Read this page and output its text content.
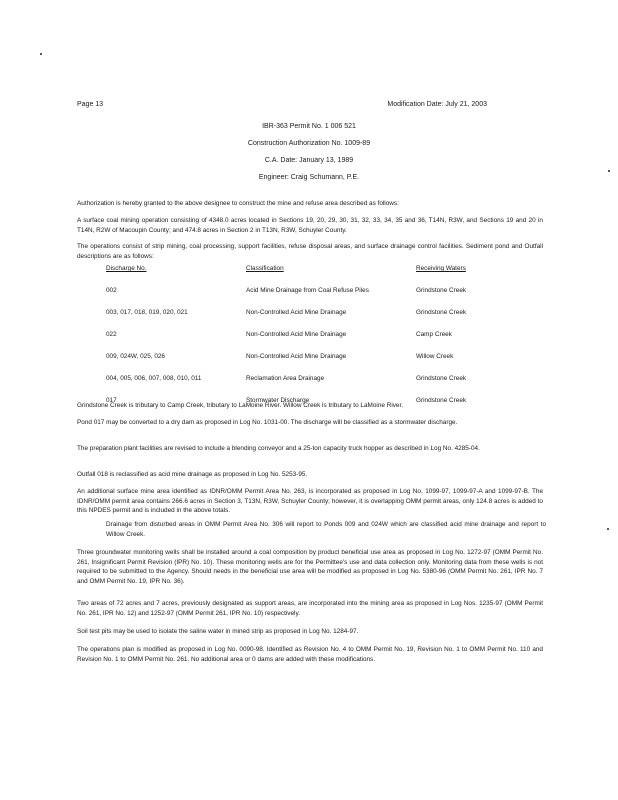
Page 13	Modification Date: July 21, 2003
IBR-363 Permit No. 1 006 521
Construction Authorization No. 1009-89
C.A. Date: January 13, 1989
Engineer: Craig Schumann, P.E.
Authorization is hereby granted to the above designee to construct the mine and refuse area described as follows:
A surface coal mining operation consisting of 4348.0 acres located in Sections 19, 20, 29, 30, 31, 32, 33, 34, 35 and 36, T14N, R3W, and Sections 19 and 20 in T14N, R2W of Macoupin County; and 474.8 acres in Section 2 in T13N, R3W, Schuyler County.
The operations consist of strip mining, coal processing, support facilities, refuse disposal areas, and surface drainage control facilities. Sediment pond and Outfall descriptions are as follows:
Discharge No.	Classification	Receiving Waters
002	Acid Mine Drainage from Coal Refuse Piles	Grindstone Creek
003, 017, 018, 019, 020, 021	Non-Controlled Acid Mine Drainage	Grindstone Creek
022	Non-Controlled Acid Mine Drainage	Camp Creek
009, 024W, 025, 026	Non-Controlled Acid Mine Drainage	Willow Creek
004, 005, 006, 007, 008, 010, 011	Reclamation Area Drainage	Grindstone Creek
017	Stormwater Discharge	Grindstone Creek
Grindstone Creek is tributary to Camp Creek, tributary to LaMoine River. Willow Creek is tributary to LaMoine River.
Pond 017 may be converted to a dry dam as proposed in Log No. 1031-00. The discharge will be classified as a stormwater discharge.
The preparation plant facilities are revised to include a blending conveyor and a 25-ton capacity truck hopper as described in Log No. 4285-04.
Outfall 018 is reclassified as acid mine drainage as proposed in Log No. 5253-95.
An additional surface mine area identified as IDNR/OMM Permit Area No. 263, is incorporated as proposed in Log No. 1099-97, 1099-97-A and 1099-97-B. The IDNR/OMM permit area contains 266.6 acres in Section 3, T13N, R3W, Schuyler County; however, it is overlapping OMM permit areas, only 124.8 acres is added to this NPDES permit and is included in the above totals.
Drainage from disturbed areas in OMM Permit Area No. 306 will report to Ponds 009 and 024W which are classified acid mine drainage and report to Willow Creek.
Three groundwater monitoring wells shall be installed around a coal composition by product beneficial use area as proposed in Log No. 1272-97 (OMM Permit No. 261, Insignificant Permit Revision (IPR) No. 10). These monitoring wells are for the Permittee's use and data collection only. Monitoring data from these wells is not required to be submitted to the Agency. Should needs in the beneficial use area will be modified as proposed in Log No. 5380-96 (OMM Permit No. 261, IPR No. 7 and OMM Permit No. 19, IPR No. 36).
Two areas of 72 acres and 7 acres, previously designated as support areas, are incorporated into the mining area as proposed in Log Nos. 1235-97 (OMM Permit No. 261, IPR No. 12) and 1252-97 (OMM Permit 261, IPR No. 10) respectively.
Soil test pits may be used to isolate the saline water in mined strip as proposed in Log No. 1284-97.
The operations plan is modified as proposed in Log No. 0090-98. Identified as Revision No. 4 to OMM Permit No. 19, Revision No. 1 to OMM Permit No. 110 and Revision No. 1 to OMM Permit No. 261. No additional area or 0 dams are added with these modifications.
